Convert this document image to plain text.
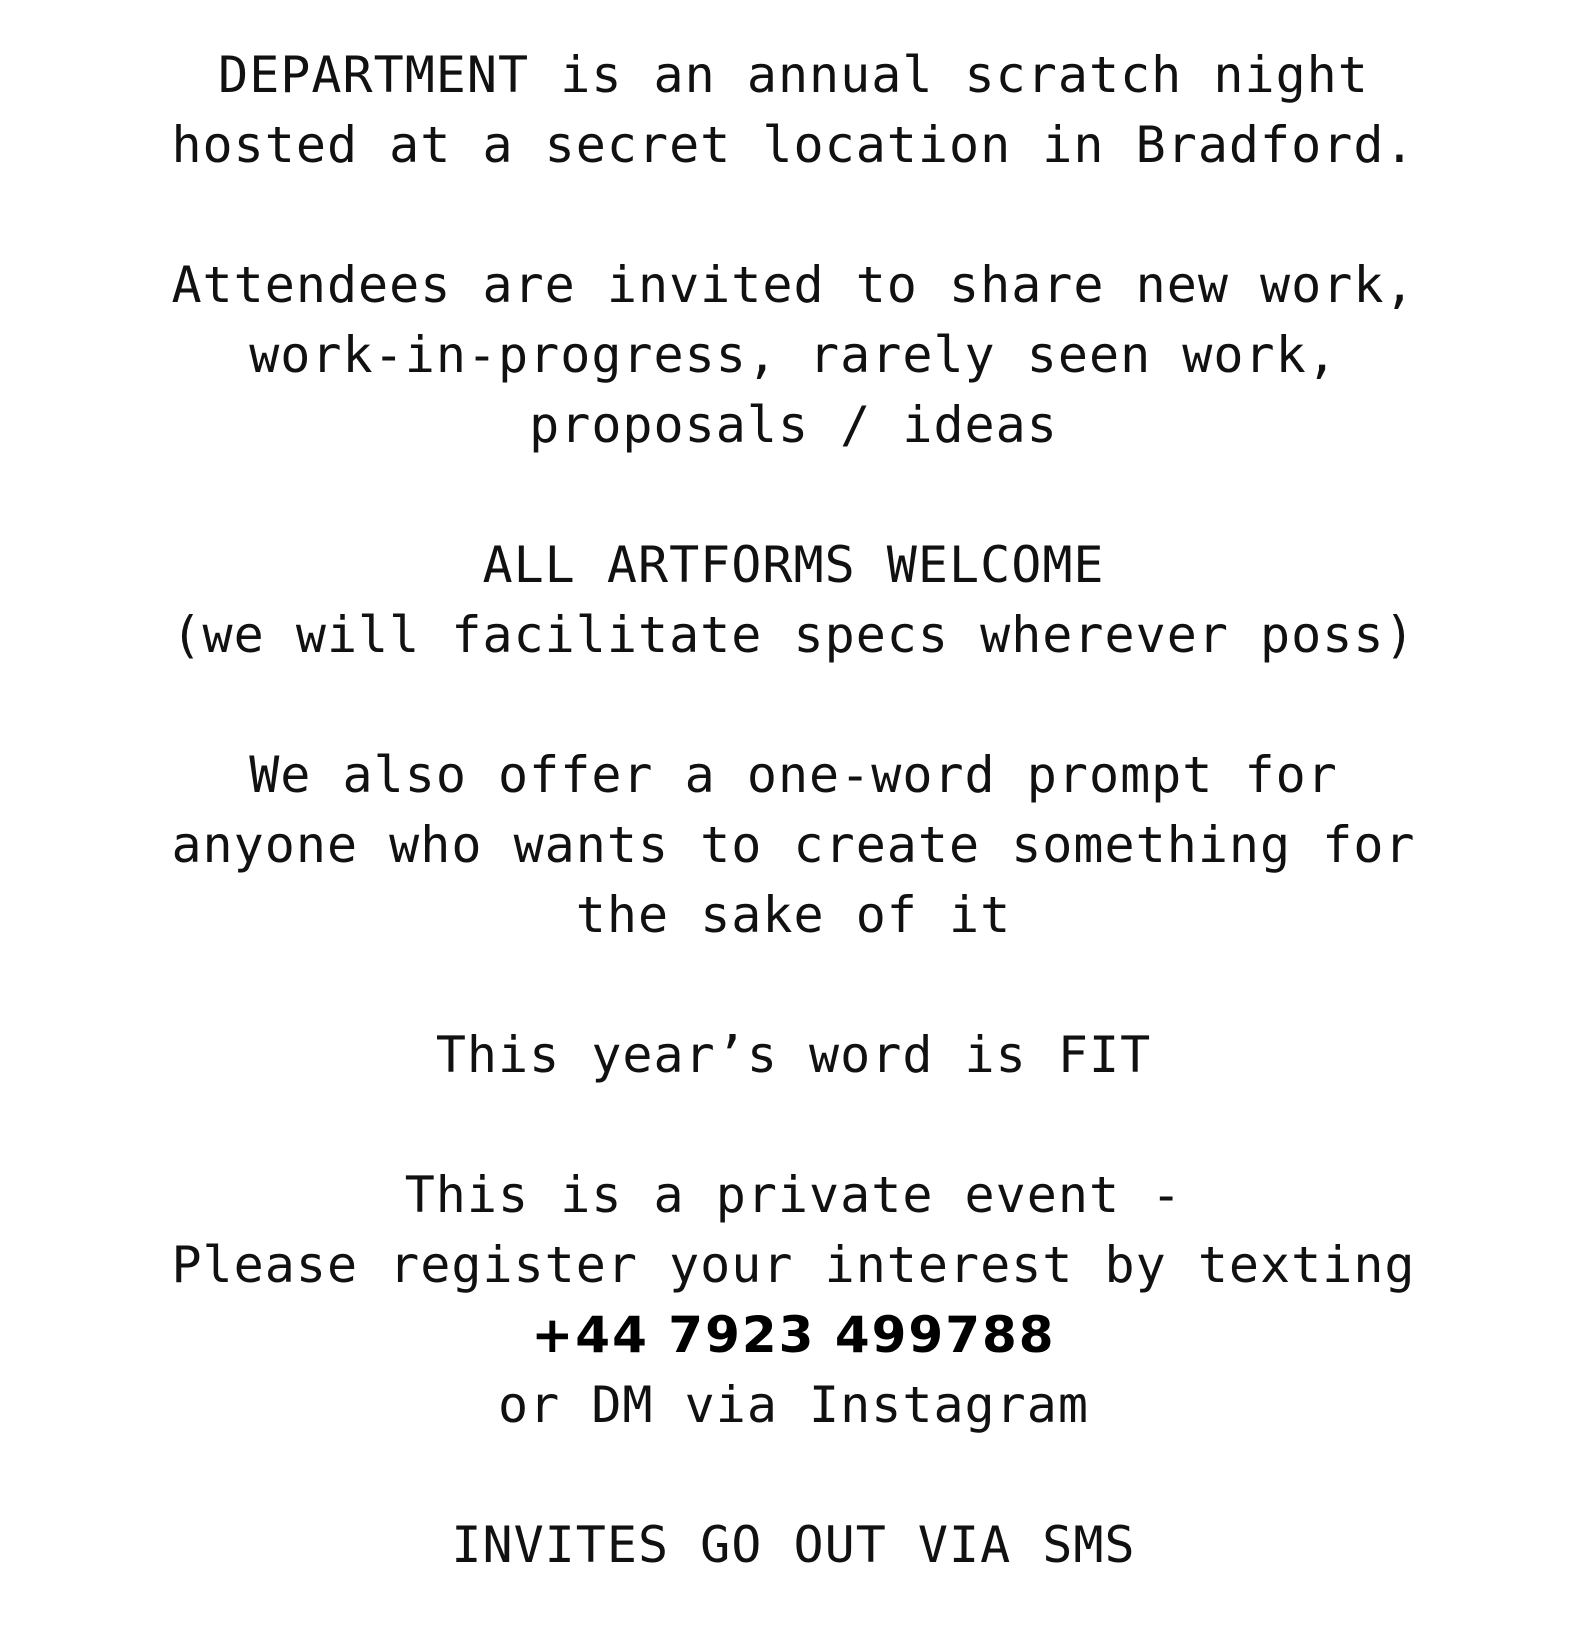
DEPARTMENT is an annual scratch night
hosted at a secret location in Bradford.

Attendees are invited to share new work,
work-in-progress, rarely seen work,
proposals / ideas

ALL ARTFORMS WELCOME
(we will facilitate specs wherever poss)

We also offer a one-word prompt for
anyone who wants to create something for
the sake of it

This year’s word is FIT

This is a private event -
Please register your interest by texting
+44 7923 499788
or DM via Instagram

INVITES GO OUT VIA SMS
